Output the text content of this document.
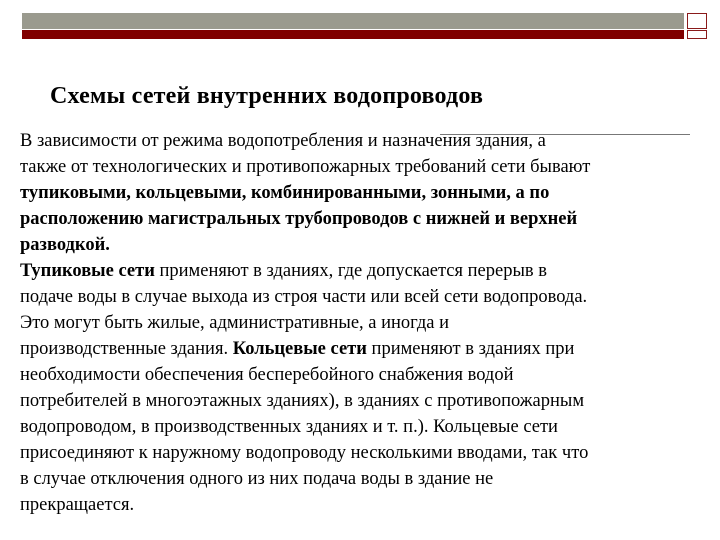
Схемы сетей внутренних водопроводов
В зависимости от режима водопотребления и назначения здания, а
также от технологических и противопожарных требований сети бывают
тупиковыми, кольцевыми, комбинированными, зонными, а по
расположению магистральных трубопроводов с нижней и верхней
разводкой.
Тупиковые сети применяют в зданиях, где допускается перерыв в
подаче воды в случае выхода из строя части или всей сети водопровода.
Это могут быть жилые, административные, а иногда и
производственные здания. Кольцевые сети применяют в зданиях при
необходимости обеспечения бесперебойного снабжения водой
потребителей в многоэтажных зданиях), в зданиях с противопожарным
водопроводом, в производственных зданиях и т. п.). Кольцевые сети
присоединяют к наружному водопроводу несколькими вводами, так что
в случае отключения одного из них подача воды в здание не
прекращается.
